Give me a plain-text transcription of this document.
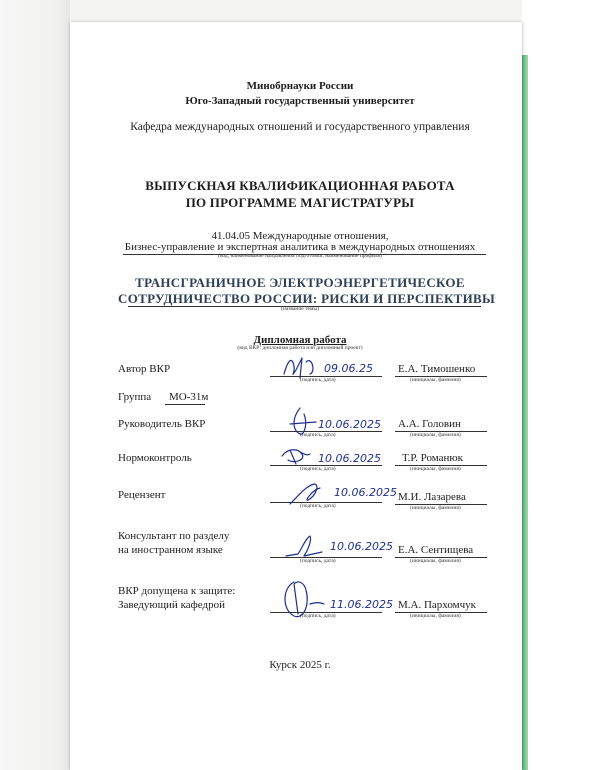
Минобрнауки России
Юго-Западный государственный университет
Кафедра международных отношений и государственного управления
ВЫПУСКНАЯ КВАЛИФИКАЦИОННАЯ РАБОТА
ПО ПРОГРАММЕ МАГИСТРАТУРЫ
41.04.05 Международные отношения,
Бизнес-управление и экспертная аналитика в международных отношениях
(код, наименование направления подготовки, наименование профиля)
ТРАНСГРАНИЧНОЕ ЭЛЕКТРОЭНЕРГЕТИЧЕСКОЕ
СОТРУДНИЧЕСТВО РОССИИ: РИСКИ И ПЕРСПЕКТИВЫ
(название темы)
Дипломная работа
(вид ВКР: дипломная работа или дипломный проект)
Автор ВКР
(подпись, дата)
09.06.25 Е.А. Тимошенко
(инициалы, фамилия)
Группа МО-31м
Руководитель ВКР
(подпись, дата)
10.06.2025 А.А. Головин
(инициалы, фамилия)
Нормоконтроль
(подпись, дата)
10.06.2025 Т.Р. Романюк
(инициалы, фамилия)
Рецензент
(подпись, дата)
10.06.2025 М.И. Лазарева
(инициалы, фамилия)
Консультант по разделу
на иностранном языке
(подпись, дата)
10.06.2025 Е.А. Сентищева
(инициалы, фамилия)
ВКР допущена к защите:
Заведующий кафедрой
(подпись, дата)
11.06.2025 М.А. Пархомчук
(инициалы, фамилия)
Курск 2025 г.
